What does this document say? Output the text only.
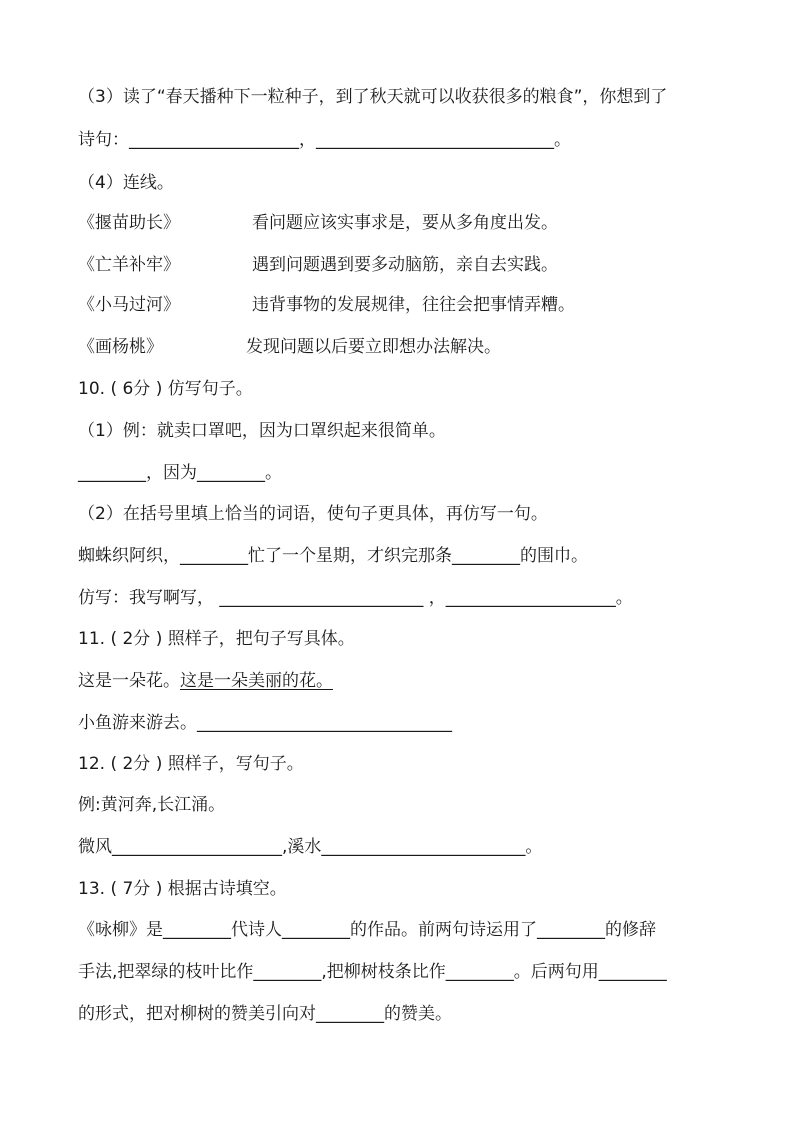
（3）读了“春天播种下一粒种子，到了秋天就可以收获很多的粮食”，你想到了
诗句：____________________，____________________________。
（4）连线。
《揠苗助长》	看问题应该实事求是，要从多角度出发。
《亡羊补牢》	遇到问题遇到要多动脑筋，亲自去实践。
《小马过河》	违背事物的发展规律，往往会把事情弄糟。
《画杨桃》	发现问题以后要立即想办法解决。
10. ( 6分 ) 仿写句子。
（1）例：就卖口罩吧，因为口罩织起来很简单。
________，因为________。
（2）在括号里填上恰当的词语，使句子更具体，再仿写一句。
蜘蛛织阿织，________忙了一个星期，才织完那条________的围巾。
仿写：我写啊写， ________________________ ，____________________。
11. ( 2分 ) 照样子，把句子写具体。
这是一朵花。这是一朵美丽的花。
小鱼游来游去。______________________________
12. ( 2分 ) 照样子，写句子。
例:黄河奔,长江涌。
微风____________________,溪水________________________。
13. ( 7分 ) 根据古诗填空。
《咏柳》是________代诗人________的作品。前两句诗运用了________的修辞
手法,把翠绿的枝叶比作________,把柳树枝条比作________。后两句用________
的形式，把对柳树的赞美引向对________的赞美。
